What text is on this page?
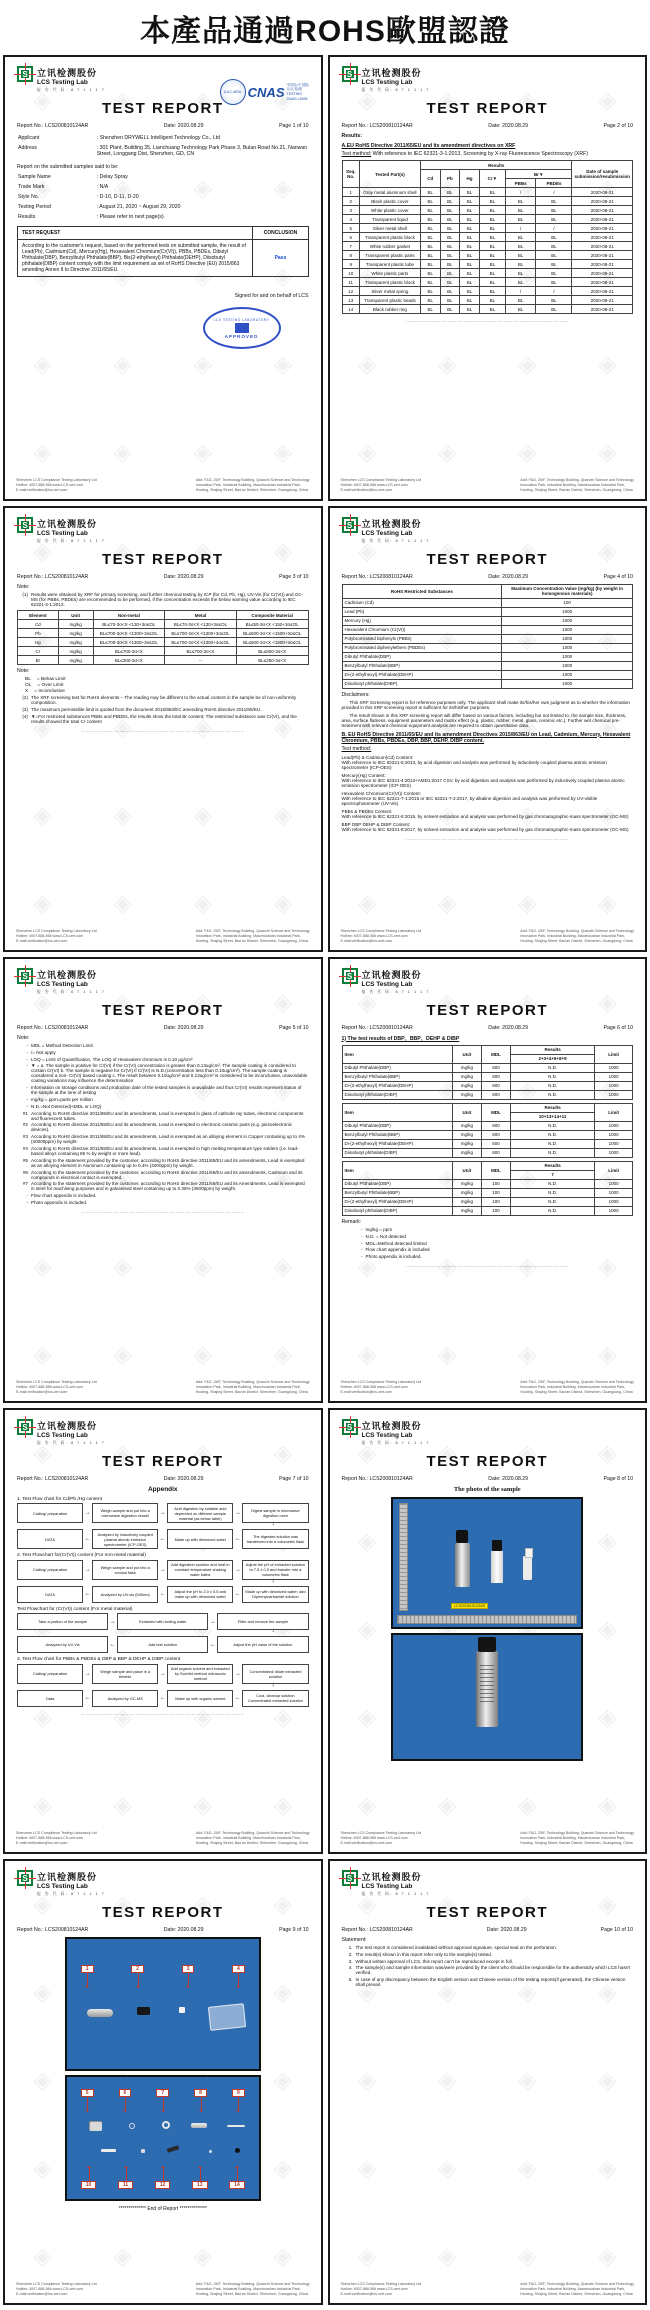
本產品通過ROHS歐盟認證
◈ ◈ ◈ ◈ ◈ ◈ ◈ ◈ ◈ ◈ ◈ ◈ ◈ ◈ ◈ ◈ ◈ ◈ ◈ ◈ ◈ ◈ ◈ ◈ ◈ ◈ ◈ ◈ ◈ ◈
S 立讯检测股份
LCS Testing Lab
报 告 代 码: 8 7 1 1 1 7
TEST REPORT
Report No.: LCS200810124AR	Date: 2020.08.29	Page 1 of 10
ILAC-MRA CNAS 中国认可 国际互认 检测 TESTING CNAS L4595
Applicant	: Shenzhen DRYWELL Intelligent Technology Co., Ltd
Address	: 301 Plant, Building 35, Lianchuang Technology Park Phase 3, Bulan Road No.21, Nanwan Street, Longgang Dist, Shenzhen, GD, CN
Report on the submitted samples said to be:
Sample Name	: Delay Spray
Trade Mark	: N/A
Style No.	: D-10, D-11, D-20
Testing Period	: August 21, 2020 ~ August 29, 2020
Results	: Please refer to next page(s).
TEST REQUEST	CONCLUSION
According to the customer's request, based on the performed tests on submitted sample, the result of Lead(Pb), Cadmium(Cd), Mercury(Hg), Hexavalent Chromium(Cr(VI)), PBBs, PBDEs, Dibutyl Phthalate(DBP), Benzylbutyl Phthalate(BBP), Bis(2-ethylhexyl) Phthalate(DEHP), Diisobutyl phthalate(DIBP) content comply with the limit requirement as set of RoHS Directive (EU) 2015/863 amending Annex II to Directive 2011/65/EU.	Pass
Signed for and on behalf of LCS
LCS TESTING LABORATORY
APPROVED
Shenzhen LCS Compliance Testing Laboratory Ltd
Hotline: 4007-888-566 www.LCS-cert.com
E-mail:verification@lcs-cert.com
Add: F&G, 25/F, Technology Building, Quanzhi Science and Technology
Innovation Park, Industrial Building, Maozhoushan Industrial Park,
Houting, Shajing Street, Bao'an District, Shenzhen, Guangdong, China
◈ ◈ ◈ ◈ ◈ ◈ ◈ ◈ ◈ ◈ ◈ ◈ ◈ ◈ ◈ ◈ ◈ ◈ ◈ ◈ ◈ ◈ ◈ ◈ ◈ ◈ ◈ ◈ ◈ ◈
S 立讯检测股份
LCS Testing Lab
报 告 代 码: 8 7 1 1 1 7
TEST REPORT
Report No.: LCS200810124AR	Date: 2020.08.29	Page 2 of 10
Results:
A.EU RoHS Directive 2011/65/EU and its amendment directives on XRF
Test method: With reference to IEC 62321-3-1:2013, Screening by X-ray Fluorescence Spectroscopy (XRF)
Seq. No.	Tested Part(s)	Results						Date of sample submission/resubmission
		Cd	Pb	Hg	Cr▼	Br▼		
						PBBs	PBDEs	
1	Gray metal aluminum shell	BL	BL	BL	BL	/	/	2020-08-21
2	Black plastic cover	BL	BL	BL	BL	BL	BL	2020-08-21
3	White plastic cover	BL	BL	BL	BL	BL	BL	2020-08-21
4	Transparent liquid	BL	BL	BL	BL	BL	BL	2020-08-21
5	Silver metal shell	BL	BL	BL	BL	/	/	2020-08-21
6	Transparent plastic block	BL	BL	BL	BL	BL	BL	2020-08-21
7	White rubber gasket	BL	BL	BL	BL	BL	BL	2020-08-21
8	Transparent plastic parts	BL	BL	BL	BL	BL	BL	2020-08-21
9	Transparent plastic tube	BL	BL	BL	BL	BL	BL	2020-08-21
10	White plastic parts	BL	BL	BL	BL	BL	BL	2020-08-21
11	Transparent plastic block	BL	BL	BL	BL	BL	BL	2020-08-21
12	Silver metal spring	BL	BL	BL	BL	/	/	2020-08-21
13	Transparent plastic beads	BL	BL	BL	BL	BL	BL	2020-08-21
14	Black rubber ring	BL	BL	BL	BL	BL	BL	2020-08-21
.............................................................................................
Shenzhen LCS Compliance Testing Laboratory Ltd
Hotline: 4007-888-566 www.LCS-cert.com
E-mail:verification@lcs-cert.com
Add: F&G, 25/F, Technology Building, Quanzhi Science and Technology
Innovation Park, Industrial Building, Maozhoushan Industrial Park,
Houting, Shajing Street, Bao'an District, Shenzhen, Guangdong, China
◈ ◈ ◈ ◈ ◈ ◈ ◈ ◈ ◈ ◈ ◈ ◈ ◈ ◈ ◈ ◈ ◈ ◈ ◈ ◈ ◈ ◈ ◈ ◈ ◈ ◈ ◈ ◈ ◈ ◈
S 立讯检测股份
LCS Testing Lab
报 告 代 码: 8 7 1 1 1 7
TEST REPORT
Report No.: LCS200810124AR	Date: 2020.08.29	Page 3 of 10
Note:
(1) Results were obtained by XRF for primary screening, and further chemical testing by ICP (for Cd, Pb, Hg), UV-Vis (for Cr(VI)) and GC-MS (for PBBs, PBDEs) are recommended to be performed, if the concentration exceeds the below warning value according to IEC 62321-3-1:2013.
Element	Unit	Non-metal	Metal	Composite Material
Cd	mg/kg	BL≤70-3σ<X <130+3σ≤OL	BL≤70-3σ<X <130+3σ≤OL	BL≤50-3σ<X <150+3σ≤OL
Pb	mg/kg	BL≤700-3σ<X <1300+3σ≤OL	BL≤700-3σ<X <1300+3σ≤OL	BL≤500-3σ<X <1500+3σ≤OL
Hg	mg/kg	BL≤700-3σ<X <1300+3σ≤OL	BL≤700-3σ<X <1300+3σ≤OL	BL≤500-3σ<X <1500+3σ≤OL
Cr	mg/kg	BL≤700-3σ<X	BL≤700-3σ<X	BL≤500-3σ<X
Br	mg/kg	BL≤300-3σ<X	--	BL≤250-3σ<X
Note:
BL = Below Limit
OL = Over Limit
X = Inconclusive
(2) The XRF screening test for RoHS elements – The reading may be different to the actual content in the sample be of non-uniformity composition.
(3) The maximum permissible limit is quoted from the document 2015/863/EC amending RoHS directive 2011/65/EU.
(4) ▼=For restricted substances PBBs and PBDEs, the results show the total Br content; The restricted substance was Cr(VI), and the results showed the total Cr content
.............................................................................................
Shenzhen LCS Compliance Testing Laboratory Ltd
Hotline: 4007-888-566 www.LCS-cert.com
E-mail:verification@lcs-cert.com
Add: F&G, 25/F, Technology Building, Quanzhi Science and Technology
Innovation Park, Industrial Building, Maozhoushan Industrial Park,
Houting, Shajing Street, Bao'an District, Shenzhen, Guangdong, China
◈ ◈ ◈ ◈ ◈ ◈ ◈ ◈ ◈ ◈ ◈ ◈ ◈ ◈ ◈ ◈ ◈ ◈ ◈ ◈ ◈ ◈ ◈ ◈ ◈ ◈ ◈ ◈ ◈ ◈
S 立讯检测股份
LCS Testing Lab
报 告 代 码: 8 7 1 1 1 7
TEST REPORT
Report No.: LCS200810124AR	Date: 2020.08.29	Page 4 of 10
RoHS Restricted Substances	Maximum Concentration Value (mg/kg) (by weight in homogenous materials)
Cadmium (Cd)	100
Lead (Pb)	1000
Mercury (Hg)	1000
Hexavalent Chromium (Cr(VI))	1000
Polybrominated biphenyls (PBBs)	1000
Polybrominated diphenylethers (PBDEs)	1000
Dibutyl Phthalate(DBP)	1000
Benzylbutyl Phthalate(BBP)	1000
Di-(2-ethylhexyl) Phthalate(DEHP)	1000
Diisobutyl phthalate(DIBP)	1000
Disclaimers:
This XRF Screening report is for reference purposes only. The applicant shall make its/his/her own judgment as to whether the information provided in this XRF screening report is sufficient for its/his/her purposes.
The result shown in this XRF screening report will differ based on various factors, including but not limited to, the sample size, thickness, area, surface flatness, equipment parameters and matrix effect (e.g. plastic, rubber, metal, glass, ceramic etc.). Further wet chemical pre-treatment with relevant chemical equipment analysis are required to obtain quantitative data.
B. EU RoHS Directive 2011/65/EU and its amendment Directives 2015/863/EU on Lead, Cadmium, Mercury, Hexavalent Chromium, PBBs, PBDEs, DBP, BBP, DEHP, DIBP content.
Test method:
Lead(Pb) & Cadmium(Cd) Content:
With reference to IEC 62321-5:2013, by acid digestion and analysis was performed by inductively coupled plasma atomic emission spectrometer (ICP-OES)
Mercury(Hg) Content:
With reference to IEC 62321-4:2013+AMD1:2017 CSV, by acid digestion and analysis was performed by inductively coupled plasma atomic emission spectrometer (ICP-OES)
Hexavalent Chromium(Cr(VI)) Content:
With reference to IEC 62321-7-1:2015 or IEC 62321-7-2:2017, by alkaline digestion and analysis was performed by UV-visible spectrophotometer (UV-Vis)
PBBs & PBDEs Content:
With reference to IEC 62321-6:2015, by solvent extraction and analysis was performed by gas chromatographic-mass spectrometer (GC-MS)
BBP DBP DEHP & DIBP Content:
With reference to IEC 62321-8:2017, by solvent extraction and analysis was performed by gas chromatographic-mass spectrometer (GC-MS)
.............................................................................................
Shenzhen LCS Compliance Testing Laboratory Ltd
Hotline: 4007-888-566 www.LCS-cert.com
E-mail:verification@lcs-cert.com
Add: F&G, 25/F, Technology Building, Quanzhi Science and Technology
Innovation Park, Industrial Building, Maozhoushan Industrial Park,
Houting, Shajing Street, Bao'an District, Shenzhen, Guangdong, China
◈ ◈ ◈ ◈ ◈ ◈ ◈ ◈ ◈ ◈ ◈ ◈ ◈ ◈ ◈ ◈ ◈ ◈ ◈ ◈ ◈ ◈ ◈ ◈ ◈ ◈ ◈ ◈ ◈ ◈
S 立讯检测股份
LCS Testing Lab
报 告 代 码: 8 7 1 1 1 7
TEST REPORT
Report No.: LCS200810124AR	Date: 2020.08.29	Page 5 of 10
Note:
- MDL = Method Detection Limit
- /= Not apply
- LOQ = Limit of Quantification, The LOQ of Hexavalent chromium is 0.10 μg/cm²
- ▼ = a. The sample is positive for Cr(VI) if the Cr(VI) concentration is greater than 0.13ug/cm². The sample coating is considered to contain Cr(VI) b. The sample is negative for Cr(VI) if Cr(VI) is N.D.(concentration less than 0.10ug/cm²). The sample coating is considered a non- Cr(VI) based coating c. The result between 0.10ug/cm² and 0.13ug/cm² is considered to be inconclusive, unavoidable coating variations may influence the determination
- Information on storage conditions and production date of the tested samples is unavailable and thus Cr(VI) results represent status of the sample at the time of testing
- mg/kg = ppm=parts per million
- N.D.=Not Detected(<MDL or LOQ)
#1 According to RoHS directive 2011/65/EU and its amendments, Lead is exempted in glass of cathode ray tubes, electronic components and fluorescent tubes.
#2 According to RoHS directive 2011/65/EU and its amendments, Lead is exempted in electronic ceramic parts (e.g. piezoelectronic devices).
#3 According to RoHS directive 2011/65/EU and its amendments, Lead is exempted as an alloying element in Copper containing up to 4% (40000ppm) by weight.
#4 According to RoHS directive 2011/65/EU and its amendments, Lead is exempted in high melting temperature type solders (i.e. lead-based alloys containing 85 % by weight or more lead).
#5 According to the statement provided by the customer, according to RoHS directive 2011/65/EU and its amendments, Lead is exempted as an alloying element in Aluminum containing up to 0.4% (4000ppm) by weight.
#6 According to the statement provided by the customer, according to RoHS directive 2011/65/EU and its amendments, Cadmium and its compounds in electrical contact is exempted.
#7 According to the statement provided by the customer, according to RoHS directive 2011/65/EU and its Amendments, Lead is exempted in steel for machining purposes and in galvanised steel containing up to 0.35% (3500ppm) by weight.
- Flow chart appendix is included.
- Photo appendix is included.
.............................................................................................
Shenzhen LCS Compliance Testing Laboratory Ltd
Hotline: 4007-888-566 www.LCS-cert.com
E-mail:verification@lcs-cert.com
Add: F&G, 25/F, Technology Building, Quanzhi Science and Technology
Innovation Park, Industrial Building, Maozhoushan Industrial Park,
Houting, Shajing Street, Bao'an District, Shenzhen, Guangdong, China
◈ ◈ ◈ ◈ ◈ ◈ ◈ ◈ ◈ ◈ ◈ ◈ ◈ ◈ ◈ ◈ ◈ ◈ ◈ ◈ ◈ ◈ ◈ ◈ ◈ ◈ ◈ ◈ ◈ ◈
S 立讯检测股份
LCS Testing Lab
报 告 代 码: 8 7 1 1 1 7
TEST REPORT
Report No.: LCS200810124AR	Date: 2020.08.29	Page 6 of 10
1) The test results of DBP、BBP、DEHP & DIBP
Item	Unit	MDL	Results	Limit
			2+3+4+6+8+9	
Dibutyl Phthalate(DBP)	mg/kg	600	N.D.	1000
Benzylbutyl Phthalate(BBP)	mg/kg	600	N.D.	1000
Di-(2-ethylhexyl) Phthalate(DEHP)	mg/kg	600	N.D.	1000
Diisobutyl phthalate(DIBP)	mg/kg	600	N.D.	1000
Item	Unit	MDL	Results	Limit
			10+13+14+11	
Dibutyl Phthalate(DBP)	mg/kg	600	N.D.	1000
Benzylbutyl Phthalate(BBP)	mg/kg	600	N.D.	1000
Di-(2-ethylhexyl) Phthalate(DEHP)	mg/kg	600	N.D.	1000
Diisobutyl phthalate(DIBP)	mg/kg	600	N.D.	1000
Item	Unit	MDL	Results	Limit
			7	
Dibutyl Phthalate(DBP)	mg/kg	100	N.D.	1000
Benzylbutyl Phthalate(BBP)	mg/kg	100	N.D.	1000
Di-(2-ethylhexyl) Phthalate(DEHP)	mg/kg	100	N.D.	1000
Diisobutyl phthalate(DIBP)	mg/kg	100	N.D.	1000
Remark:
- mg/kg = ppm
- N.D. = Not detected
- MDL=Method detected limited
- Flow chart appendix is included
- Photo appendix is included.
.............................................................................................
Shenzhen LCS Compliance Testing Laboratory Ltd
Hotline: 4007-888-566 www.LCS-cert.com
E-mail:verification@lcs-cert.com
Add: F&G, 25/F, Technology Building, Quanzhi Science and Technology
Innovation Park, Industrial Building, Maozhoushan Industrial Park,
Houting, Shajing Street, Bao'an District, Shenzhen, Guangdong, China
◈ ◈ ◈ ◈ ◈ ◈ ◈ ◈ ◈ ◈ ◈ ◈ ◈ ◈ ◈ ◈ ◈ ◈ ◈ ◈ ◈ ◈ ◈ ◈ ◈ ◈ ◈ ◈ ◈ ◈
S 立讯检测股份
LCS Testing Lab
报 告 代 码: 8 7 1 1 1 7
TEST REPORT
Report No.: LCS200810124AR	Date: 2020.08.29	Page 7 of 10
Appendix
1. Test Flow chart for Cd/Pb /Hg content
Cutting/ preparation	→	Weigh sample and put into a microwave digestion vessel	→
Acid digestion by suitable acid depended on different sample material (as below table)
→	Digest sample in microwave digestion oven
↓
DATA	←
Analyzed by inductively coupled plasma atomic emission spectrometer (ICP-OES)
←	Made up with deionized water	←	The digested solution was transferred into a volumetric flask
2. Test Flowchart for(Cr(VI)) content (For non-metal material)
Cutting/ preparation	→	Weigh sample and put into a conical flask	→
Add digestion solution and heat in constant temperature shaking water baths
→
Adjust the pH of extracted solution to 7.5 ± 0.5 and transfer into a volumetric flask
↓
DATA	←	Analyzed by UV-vis (540nm)	←	Adjust the pH to 2.0 ± 0.5 and make up with deionized water	←	Made up with deionized water; add Diphenylcarbazide solution
Test Flowchart for (Cr(VI)) content (For metal material)
Take a portion of the sample	→	Extracted with boiling water	→	Filter and remove the sample
↓
Analyzed by UV-Vis	←	Add test solution	←	Adjust the pH value of the solution
3. Test Flow chart for PBBs & PBDEs & DBP & BBP & DEHP & DIBP content
Cutting/ preparation	→	Weigh sample and place in a thimble	→
Add organic solvent and extracted by Soxhlet method /ultrasonic method
→	Concentrated/ dilute extracted solution
↓
Data	←	Analyzed by GC-MS	←	Make up with organic solvent	←	Cool, cleanup solution Concentrated extracted solution
.............................................................................................
Shenzhen LCS Compliance Testing Laboratory Ltd
Hotline: 4007-888-566 www.LCS-cert.com
E-mail:verification@lcs-cert.com
Add: F&G, 25/F, Technology Building, Quanzhi Science and Technology
Innovation Park, Industrial Building, Maozhoushan Industrial Park,
Houting, Shajing Street, Bao'an District, Shenzhen, Guangdong, China
◈ ◈ ◈ ◈ ◈ ◈ ◈ ◈ ◈ ◈ ◈ ◈ ◈ ◈ ◈ ◈ ◈ ◈ ◈ ◈ ◈ ◈ ◈ ◈ ◈ ◈ ◈ ◈ ◈ ◈
S 立讯检测股份
LCS Testing Lab
报 告 代 码: 8 7 1 1 1 7
TEST REPORT
Report No.: LCS200810124AR	Date: 2020.08.29	Page 8 of 10
The photo of the sample
LCS200810124AR
Shenzhen LCS Compliance Testing Laboratory Ltd
Hotline: 4007-888-566 www.LCS-cert.com
E-mail:verification@lcs-cert.com
Add: F&G, 25/F, Technology Building, Quanzhi Science and Technology
Innovation Park, Industrial Building, Maozhoushan Industrial Park,
Houting, Shajing Street, Bao'an District, Shenzhen, Guangdong, China
◈ ◈ ◈ ◈ ◈ ◈ ◈ ◈ ◈ ◈ ◈ ◈ ◈ ◈ ◈ ◈ ◈ ◈ ◈ ◈ ◈ ◈ ◈ ◈ ◈ ◈ ◈ ◈ ◈ ◈
S 立讯检测股份
LCS Testing Lab
报 告 代 码: 8 7 1 1 1 7
TEST REPORT
Report No.: LCS200810124AR	Date: 2020.08.29	Page 9 of 10
1	2	3	4
5	6	7	8	9
10	11	12	13	14
************** End of Report **************
Shenzhen LCS Compliance Testing Laboratory Ltd
Hotline: 4007-888-566 www.LCS-cert.com
E-mail:verification@lcs-cert.com
Add: F&G, 25/F, Technology Building, Quanzhi Science and Technology
Innovation Park, Industrial Building, Maozhoushan Industrial Park,
Houting, Shajing Street, Bao'an District, Shenzhen, Guangdong, China
◈ ◈ ◈ ◈ ◈ ◈ ◈ ◈ ◈ ◈ ◈ ◈ ◈ ◈ ◈ ◈ ◈ ◈ ◈ ◈ ◈ ◈ ◈ ◈ ◈ ◈ ◈ ◈ ◈ ◈
S 立讯检测股份
LCS Testing Lab
报 告 代 码: 8 7 1 1 1 7
TEST REPORT
Report No.: LCS200810124AR	Date: 2020.08.29	Page 10 of 10
Statement:
1. The test report is considered invalidated without approval signature, special seal on the perforation.
2. The result(s) shown in this report refer only to the sample(s) tested.
3. Without written approval of LCS, this report can't be reproduced except in full.
4. The sample(s) and sample information was/were provided by the client who should be responsible for the authenticity which LCS hasn't verified.
5. In case of any discrepancy between the English version and Chinese version of the testing reports(if generated), the Chinese version shall prevail.
Shenzhen LCS Compliance Testing Laboratory Ltd
Hotline: 4007-888-566 www.LCS-cert.com
E-mail:verification@lcs-cert.com
Add: F&G, 25/F, Technology Building, Quanzhi Science and Technology
Innovation Park, Industrial Building, Maozhoushan Industrial Park,
Houting, Shajing Street, Bao'an District, Shenzhen, Guangdong, China
